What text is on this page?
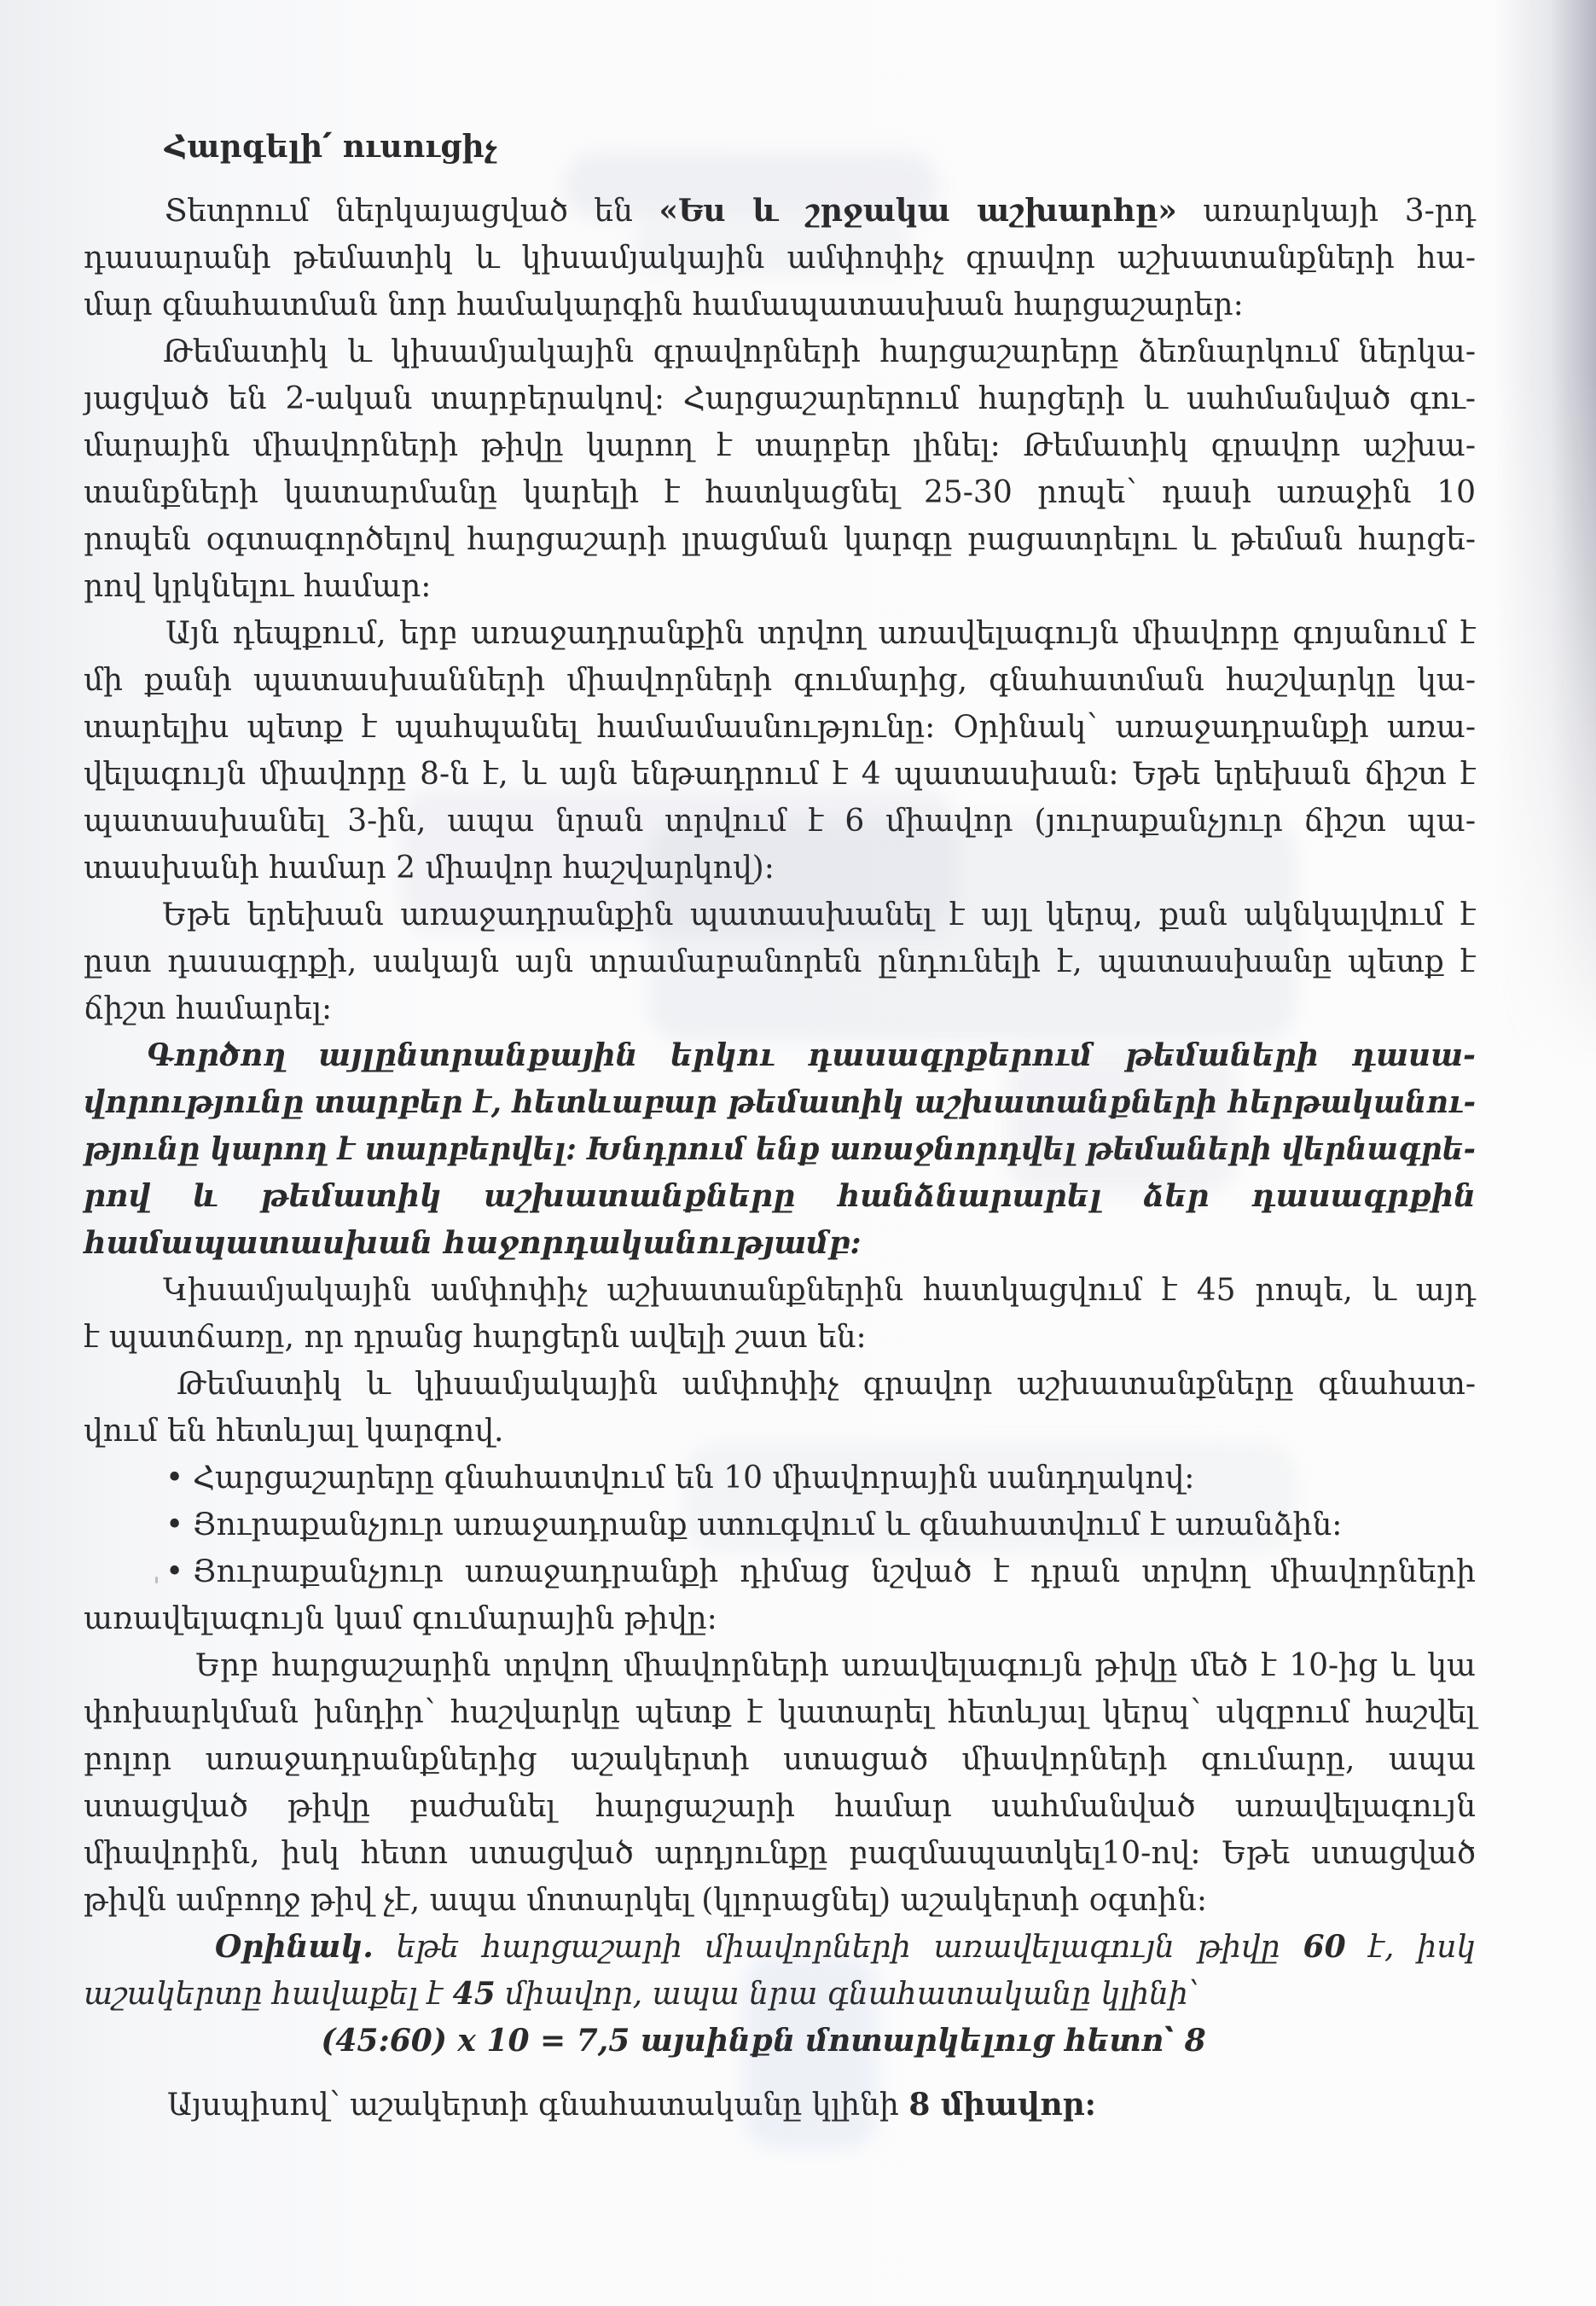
Հարգելի՛ ուսուցիչ
Տետրում ներկայացված են «Ես և շրջակա աշխարհը» առարկայի 3-րդ
դասարանի թեմատիկ և կիսամյակային ամփոփիչ գրավոր աշխատանքների հա-
մար գնահատման նոր համակարգին համապատասխան հարցաշարեր:
Թեմատիկ և կիսամյակային գրավորների հարցաշարերը ձեռնարկում ներկա-
յացված են 2-ական տարբերակով: Հարցաշարերում հարցերի և սահմանված գու-
մարային միավորների թիվը կարող է տարբեր լինել: Թեմատիկ գրավոր աշխա-
տանքների կատարմանը կարելի է հատկացնել 25-30 րոպե՝ դասի առաջին 10
րոպեն օգտագործելով հարցաշարի լրացման կարգը բացատրելու և թեման հարցե-
րով կրկնելու համար:
Այն դեպքում, երբ առաջադրանքին տրվող առավելագույն միավորը գոյանում է
մի քանի պատասխանների միավորների գումարից, գնահատման հաշվարկը կա-
տարելիս պետք է պահպանել համամասնությունը: Օրինակ՝ առաջադրանքի առա-
վելագույն միավորը 8-ն է, և այն ենթադրում է 4 պատասխան: Եթե երեխան ճիշտ է
պատասխանել 3-ին, ապա նրան տրվում է 6 միավոր (յուրաքանչյուր ճիշտ պա-
տասխանի համար 2 միավոր հաշվարկով):
Եթե երեխան առաջադրանքին պատասխանել է այլ կերպ, քան ակնկալվում է
ըստ դասագրքի, սակայն այն տրամաբանորեն ընդունելի է, պատասխանը պետք է
ճիշտ համարել:
Գործող այլընտրանքային երկու դասագրքերում թեմաների դասա-
վորությունը տարբեր է, հետևաբար թեմատիկ աշխատանքների հերթականու-
թյունը կարող է տարբերվել: Խնդրում ենք առաջնորդվել թեմաների վերնագրե-
րով և թեմատիկ աշխատանքները հանձնարարել ձեր դասագրքին
համապատասխան հաջորդականությամբ:
Կիսամյակային ամփոփիչ աշխատանքներին հատկացվում է 45 րոպե, և այդ
է պատճառը, որ դրանց հարցերն ավելի շատ են:
Թեմատիկ և կիսամյակային ամփոփիչ գրավոր աշխատանքները գնահատ-
վում են հետևյալ կարգով.
• Հարցաշարերը գնահատվում են 10 միավորային սանդղակով:
• Յուրաքանչյուր առաջադրանք ստուգվում և գնահատվում է առանձին:
• Յուրաքանչյուր առաջադրանքի դիմաց նշված է դրան տրվող միավորների
առավելագույն կամ գումարային թիվը:
Երբ հարցաշարին տրվող միավորների առավելագույն թիվը մեծ է 10-ից և կա
փոխարկման խնդիր՝ հաշվարկը պետք է կատարել հետևյալ կերպ՝ սկզբում հաշվել
բոլոր առաջադրանքներից աշակերտի ստացած միավորների գումարը, ապա
ստացված թիվը բաժանել հարցաշարի համար սահմանված առավելագույն
միավորին, իսկ հետո ստացված արդյունքը բազմապատկել10-ով: Եթե ստացված
թիվն ամբողջ թիվ չէ, ապա մոտարկել (կլորացնել) աշակերտի օգտին:
Օրինակ. եթե հարցաշարի միավորների առավելագույն թիվը 60 է, իսկ
աշակերտը հավաքել է 45 միավոր, ապա նրա գնահատականը կլինի՝
(45:60) x 10 = 7,5 այսինքն մոտարկելուց հետո՝ 8
Այսպիսով՝ աշակերտի գնահատականը կլինի 8 միավոր:
